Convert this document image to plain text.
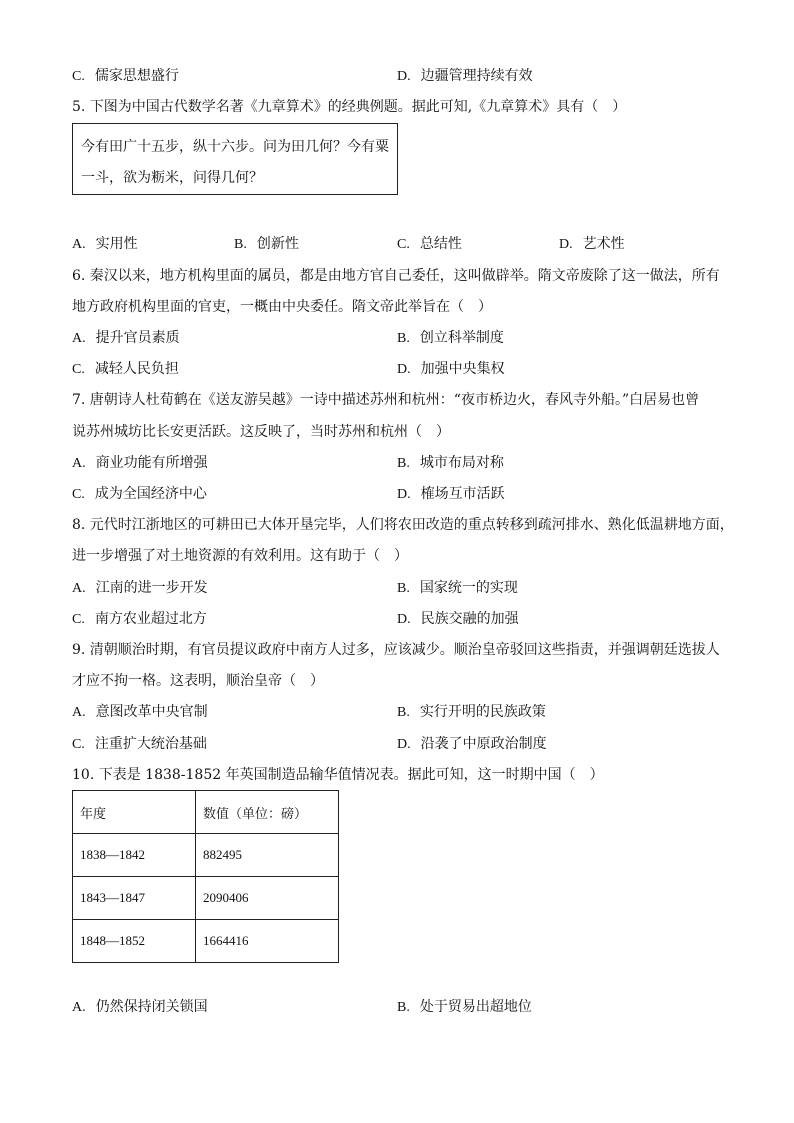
C. 儒家思想盛行	D. 边疆管理持续有效
5. 下图为中国古代数学名著《九章算术》的经典例题。据此可知,《九章算术》具有（　）
今有田广十五步，纵十六步。问为田几何？今有粟
一斗，欲为粝米，问得几何？
A. 实用性	B. 创新性	C. 总结性	D. 艺术性
6. 秦汉以来，地方机构里面的属员，都是由地方官自己委任，这叫做辟举。隋文帝废除了这一做法，所有
地方政府机构里面的官吏，一概由中央委任。隋文帝此举旨在（　）
A. 提升官员素质	B. 创立科举制度
C. 减轻人民负担	D. 加强中央集权
7. 唐朝诗人杜荀鹤在《送友游吴越》一诗中描述苏州和杭州：“夜市桥边火，春风寺外船。”白居易也曾
说苏州城坊比长安更活跃。这反映了，当时苏州和杭州（　）
A. 商业功能有所增强	B. 城市布局对称
C. 成为全国经济中心	D. 榷场互市活跃
8. 元代时江浙地区的可耕田已大体开垦完毕，人们将农田改造的重点转移到疏河排水、熟化低温耕地方面，
进一步增强了对土地资源的有效利用。这有助于（　）
A. 江南的进一步开发	B. 国家统一的实现
C. 南方农业超过北方	D. 民族交融的加强
9. 清朝顺治时期，有官员提议政府中南方人过多，应该减少。顺治皇帝驳回这些指责，并强调朝廷选拔人
才应不拘一格。这表明，顺治皇帝（　）
A. 意图改革中央官制	B. 实行开明的民族政策
C. 注重扩大统治基础	D. 沿袭了中原政治制度
10. 下表是 1838-1852 年英国制造品输华值情况表。据此可知，这一时期中国（　）
年度	数值（单位：磅）
1838—1842	882495
1843—1847	2090406
1848—1852	1664416
A. 仍然保持闭关锁国	B. 处于贸易出超地位
